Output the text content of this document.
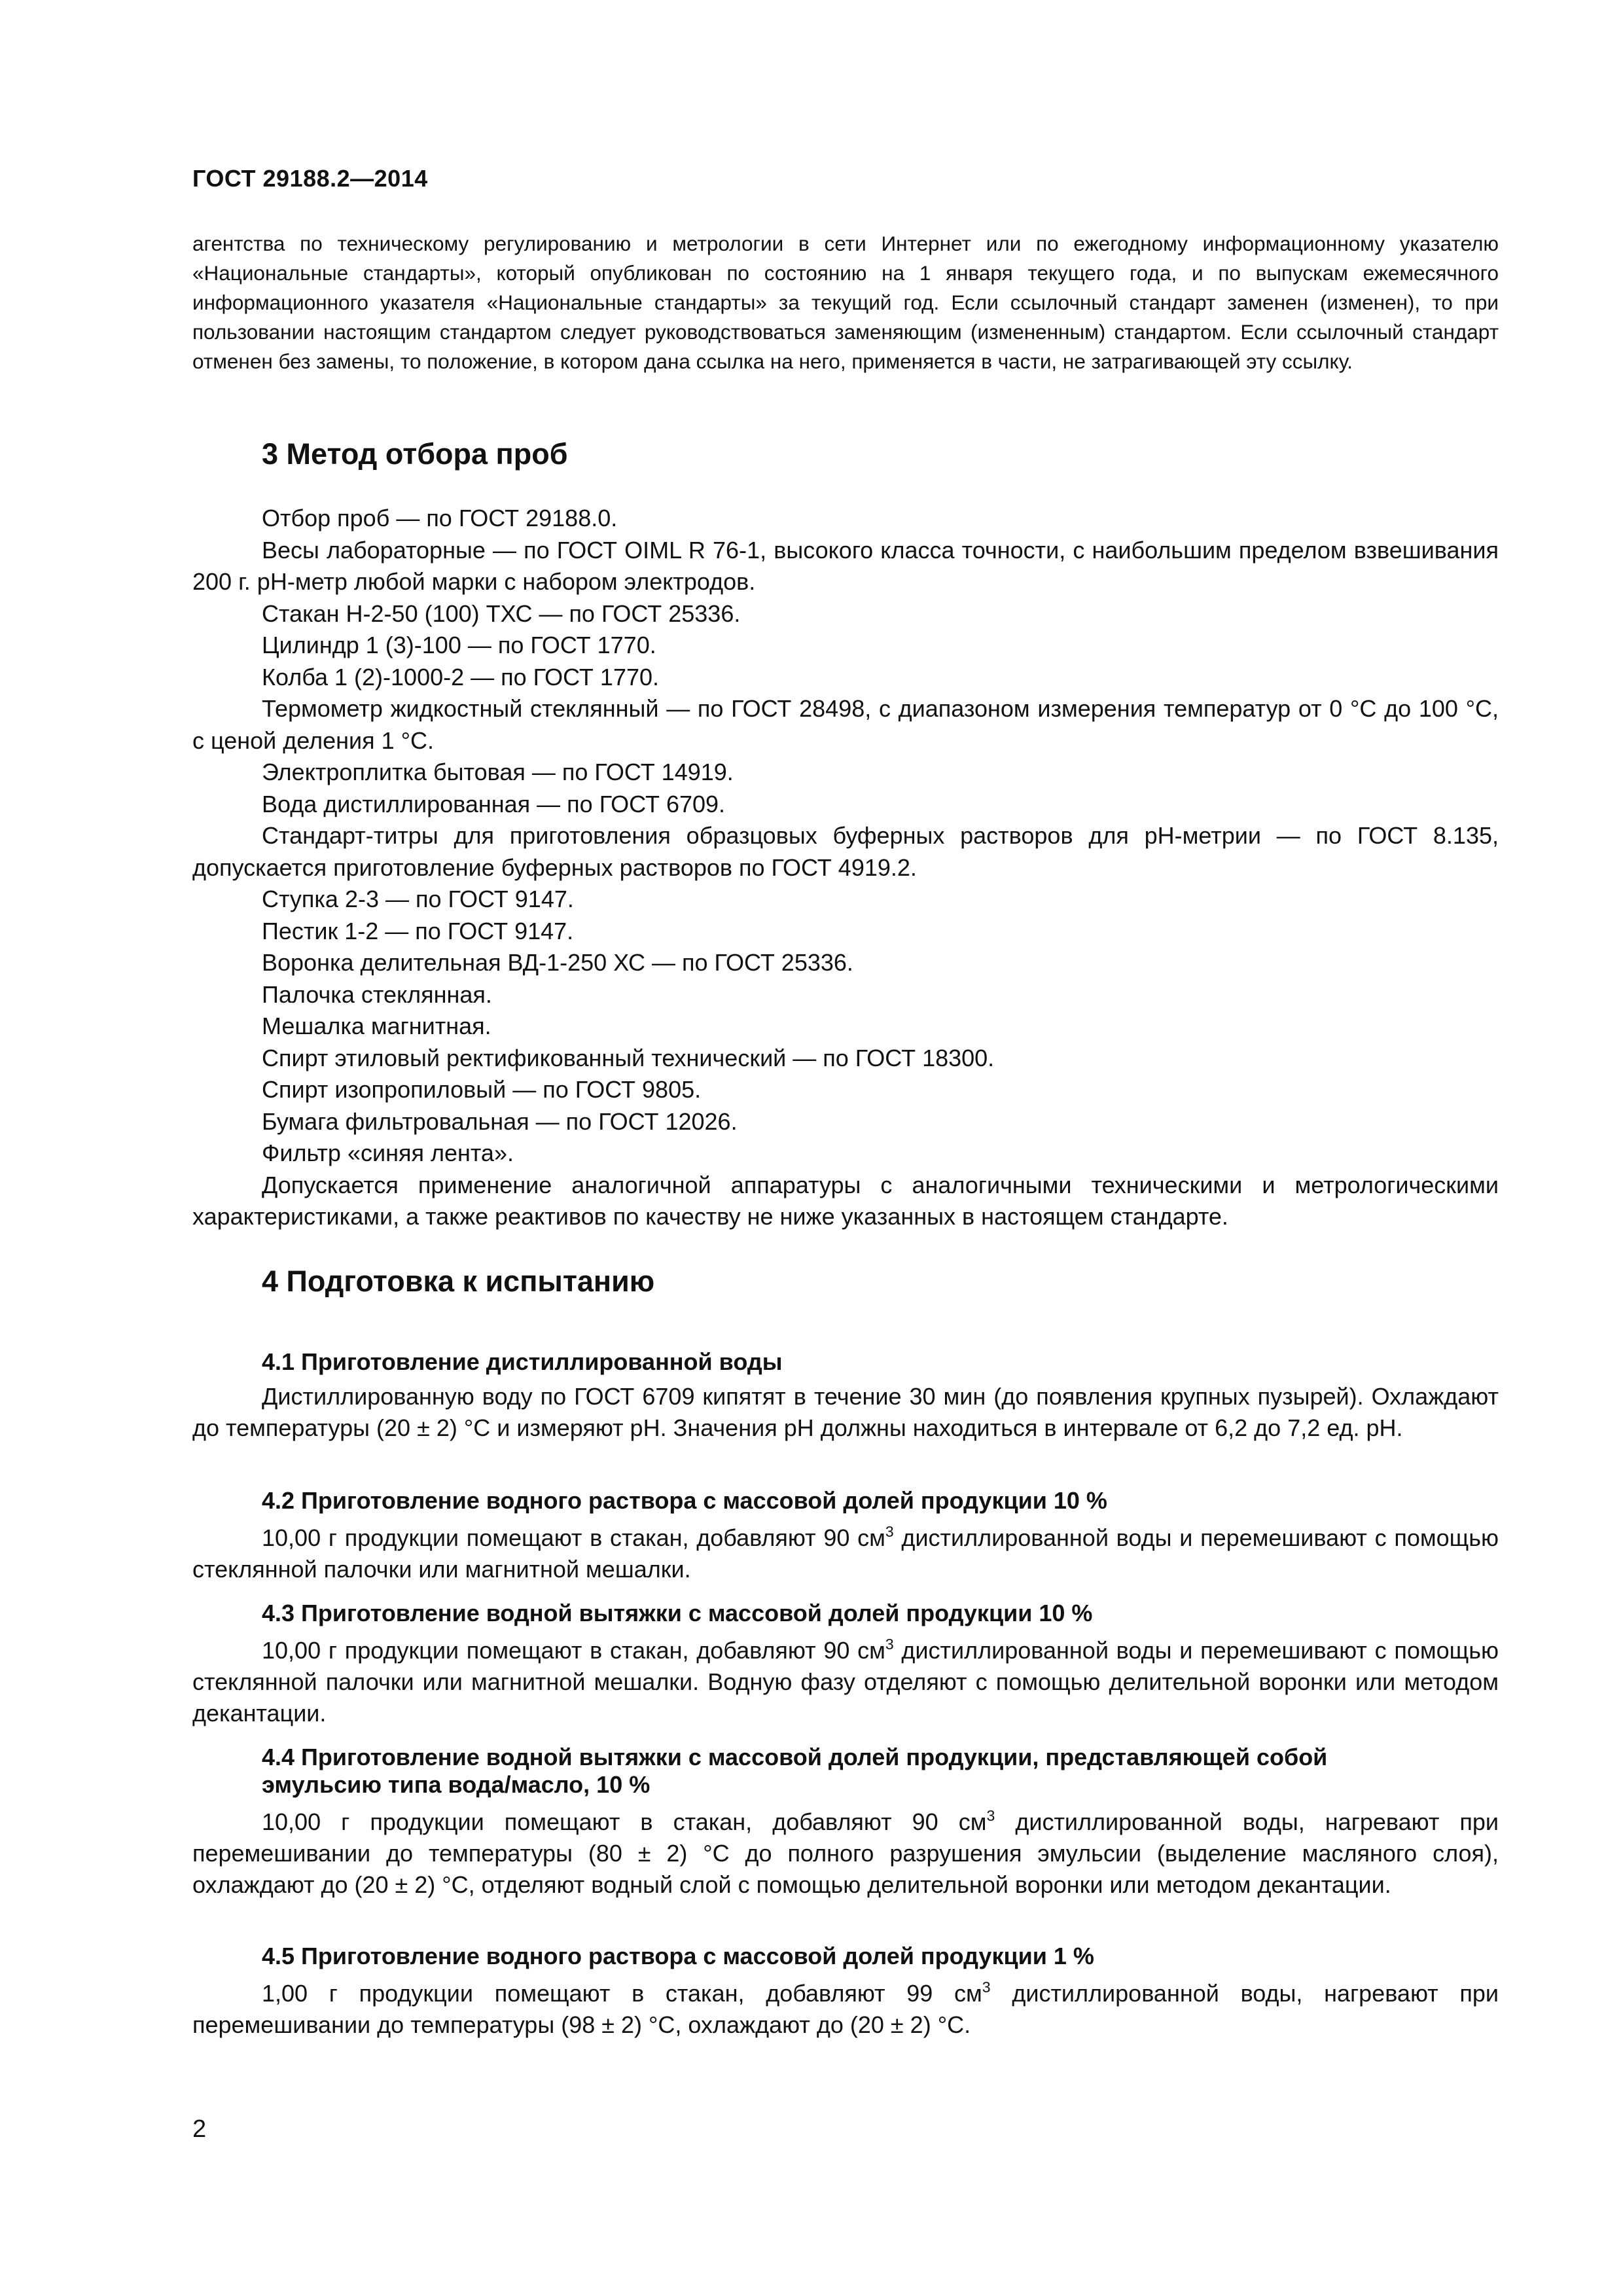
ГОСТ 29188.2—2014

агентства по техническому регулированию и метрологии в сети Интернет или по ежегодному информационному указателю «Национальные стандарты», который опубликован по состоянию на 1 января текущего года, и по выпускам ежемесячного информационного указателя «Национальные стандарты» за текущий год. Если ссылочный стандарт заменен (изменен), то при пользовании настоящим стандартом следует руководствоваться заменяющим (измененным) стандартом. Если ссылочный стандарт отменен без замены, то положение, в котором дана ссылка на него, применяется в части, не затрагивающей эту ссылку.

3 Метод отбора проб

Отбор проб — по ГОСТ 29188.0.

Весы лабораторные — по ГОСТ OIML R 76-1, высокого класса точности, с наибольшим пределом взвешивания 200 г. pH-метр любой марки с набором электродов.

Стакан Н-2-50 (100) ТХС — по ГОСТ 25336.

Цилиндр 1 (3)-100 — по ГОСТ 1770.

Колба 1 (2)-1000-2 — по ГОСТ 1770.

Термометр жидкостный стеклянный — по ГОСТ 28498, с диапазоном измерения температур от 0 °С до 100 °С, с ценой деления 1 °С.

Электроплитка бытовая — по ГОСТ 14919.

Вода дистиллированная — по ГОСТ 6709.

Стандарт-титры для приготовления образцовых буферных растворов для pH-метрии — по ГОСТ 8.135, допускается приготовление буферных растворов по ГОСТ 4919.2.

Ступка 2-3 — по ГОСТ 9147.

Пестик 1-2 — по ГОСТ 9147.

Воронка делительная ВД-1-250 ХС — по ГОСТ 25336.

Палочка стеклянная.

Мешалка магнитная.

Спирт этиловый ректификованный технический — по ГОСТ 18300.

Спирт изопропиловый — по ГОСТ 9805.

Бумага фильтровальная — по ГОСТ 12026.

Фильтр «синяя лента».

Допускается применение аналогичной аппаратуры с аналогичными техническими и метрологическими характеристиками, а также реактивов по качеству не ниже указанных в настоящем стандарте.

4 Подготовка к испытанию
4.1 Приготовление дистиллированной воды

Дистиллированную воду по ГОСТ 6709 кипятят в течение 30 мин (до появления крупных пузырей). Охлаждают до температуры (20 ± 2) °С и измеряют pH. Значения pH должны находиться в интервале от 6,2 до 7,2 ед. pH.

4.2 Приготовление водного раствора с массовой долей продукции 10 %

10,00 г продукции помещают в стакан, добавляют 90 $см^3$ дистиллированной воды и перемешивают с помощью стеклянной палочки или магнитной мешалки.

4.3 Приготовление водной вытяжки с массовой долей продукции 10 %

10,00 г продукции помещают в стакан, добавляют 90 $см^3$ дистиллированной воды и перемешивают с помощью стеклянной палочки или магнитной мешалки. Водную фазу отделяют с помощью делительной воронки или методом декантации.

4.4 Приготовление водной вытяжки с массовой долей продукции, представляющей собой
эмульсию типа вода/масло, 10 %

10,00 г продукции помещают в стакан, добавляют 90 $см^3$ дистиллированной воды, нагревают при перемешивании до температуры (80 ± 2) °С до полного разрушения эмульсии (выделение масляного слоя), охлаждают до (20 ± 2) °С, отделяют водный слой с помощью делительной воронки или методом декантации.

4.5 Приготовление водного раствора с массовой долей продукции 1 %

1,00 г продукции помещают в стакан, добавляют 99 $см^3$ дистиллированной воды, нагревают при перемешивании до температуры (98 ± 2) °С, охлаждают до (20 ± 2) °С.

2
